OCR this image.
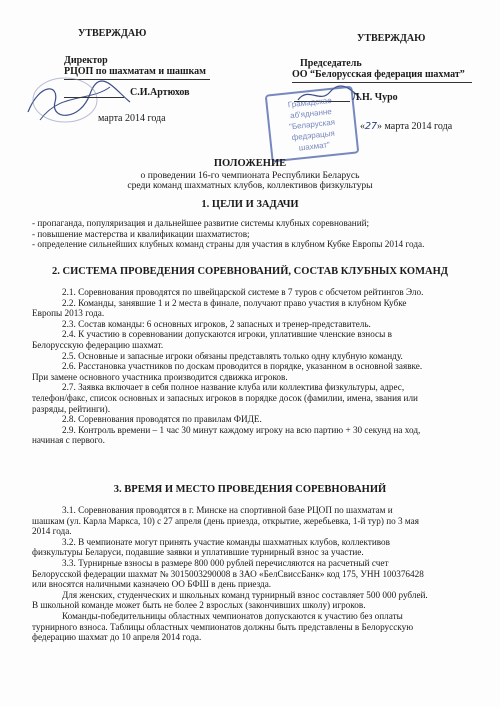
УТВЕРЖДАЮ
Директор
РЦОП по шахматам и шашкам
С.И.Артюхов
марта 2014 года
УТВЕРЖДАЮ
Председатель
ОО “Белорусская федерация шахмат”
Л.Н. Чуро
«27» марта 2014 года
Грамадскае
аб'яднанне
"Беларуская
федэрацыя
шахмат"
ПОЛОЖЕНИЕ
о проведении 16-го чемпионата Республики Беларусь
среди команд шахматных клубов, коллективов физкультуры
1. ЦЕЛИ И ЗАДАЧИ
- пропаганда, популяризация и дальнейшее развитие системы клубных соревнований;
- повышение мастерства и квалификации шахматистов;
- определение сильнейших клубных команд страны для участия в клубном Кубке Европы 2014 года.
2. СИСТЕМА ПРОВЕДЕНИЯ СОРЕВНОВАНИЙ, СОСТАВ КЛУБНЫХ КОМАНД
2.1. Соревнования проводятся по швейцарской системе в 7 туров с обсчетом рейтингов Эло.
2.2. Команды, занявшие 1 и 2 места в финале, получают право участия в клубном Кубке
Европы 2013 года.
2.3. Состав команды: 6 основных игроков, 2 запасных и тренер-представитель.
2.4. К участию в соревновании допускаются игроки, уплатившие членские взносы в
Белорусскую федерацию шахмат.
2.5. Основные и запасные игроки обязаны представлять только одну клубную команду.
2.6. Расстановка участников по доскам проводится в порядке, указанном в основной заявке.
При замене основного участника производится сдвижка игроков.
2.7. Заявка включает в себя полное название клуба или коллектива физкультуры, адрес,
телефон/факс, список основных и запасных игроков в порядке досок (фамилии, имена, звания или
разряды, рейтинги).
2.8. Соревнования проводятся по правилам ФИДЕ.
2.9. Контроль времени – 1 час 30 минут каждому игроку на всю партию + 30 секунд на ход,
начиная с первого.
3. ВРЕМЯ И МЕСТО ПРОВЕДЕНИЯ СОРЕВНОВАНИЙ
3.1. Соревнования проводятся в г. Минске на спортивной базе РЦОП по шахматам и
шашкам (ул. Карла Маркса, 10) с 27 апреля (день приезда, открытие, жеребьевка, 1-й тур) по 3 мая
2014 года.
3.2. В чемпионате могут принять участие команды шахматных клубов, коллективов
физкультуры Беларуси, подавшие заявки и уплатившие турнирный взнос за участие.
3.3. Турнирные взносы в размере 800 000 рублей перечисляются на расчетный счет
Белорусской федерации шахмат № 3015003290008 в ЗАО «БелСвиссБанк» код 175, УНН 100376428
или вносятся наличными казначею ОО БФШ в день приезда.
Для женских, студенческих и школьных команд турнирный взнос составляет 500 000 рублей.
В школьной команде может быть не более 2 взрослых (закончивших школу) игроков.
Команды-победительницы областных чемпионатов допускаются к участию без оплаты
турнирного взноса. Таблицы областных чемпионатов должны быть представлены в Белорусскую
федерацию шахмат до 10 апреля 2014 года.
